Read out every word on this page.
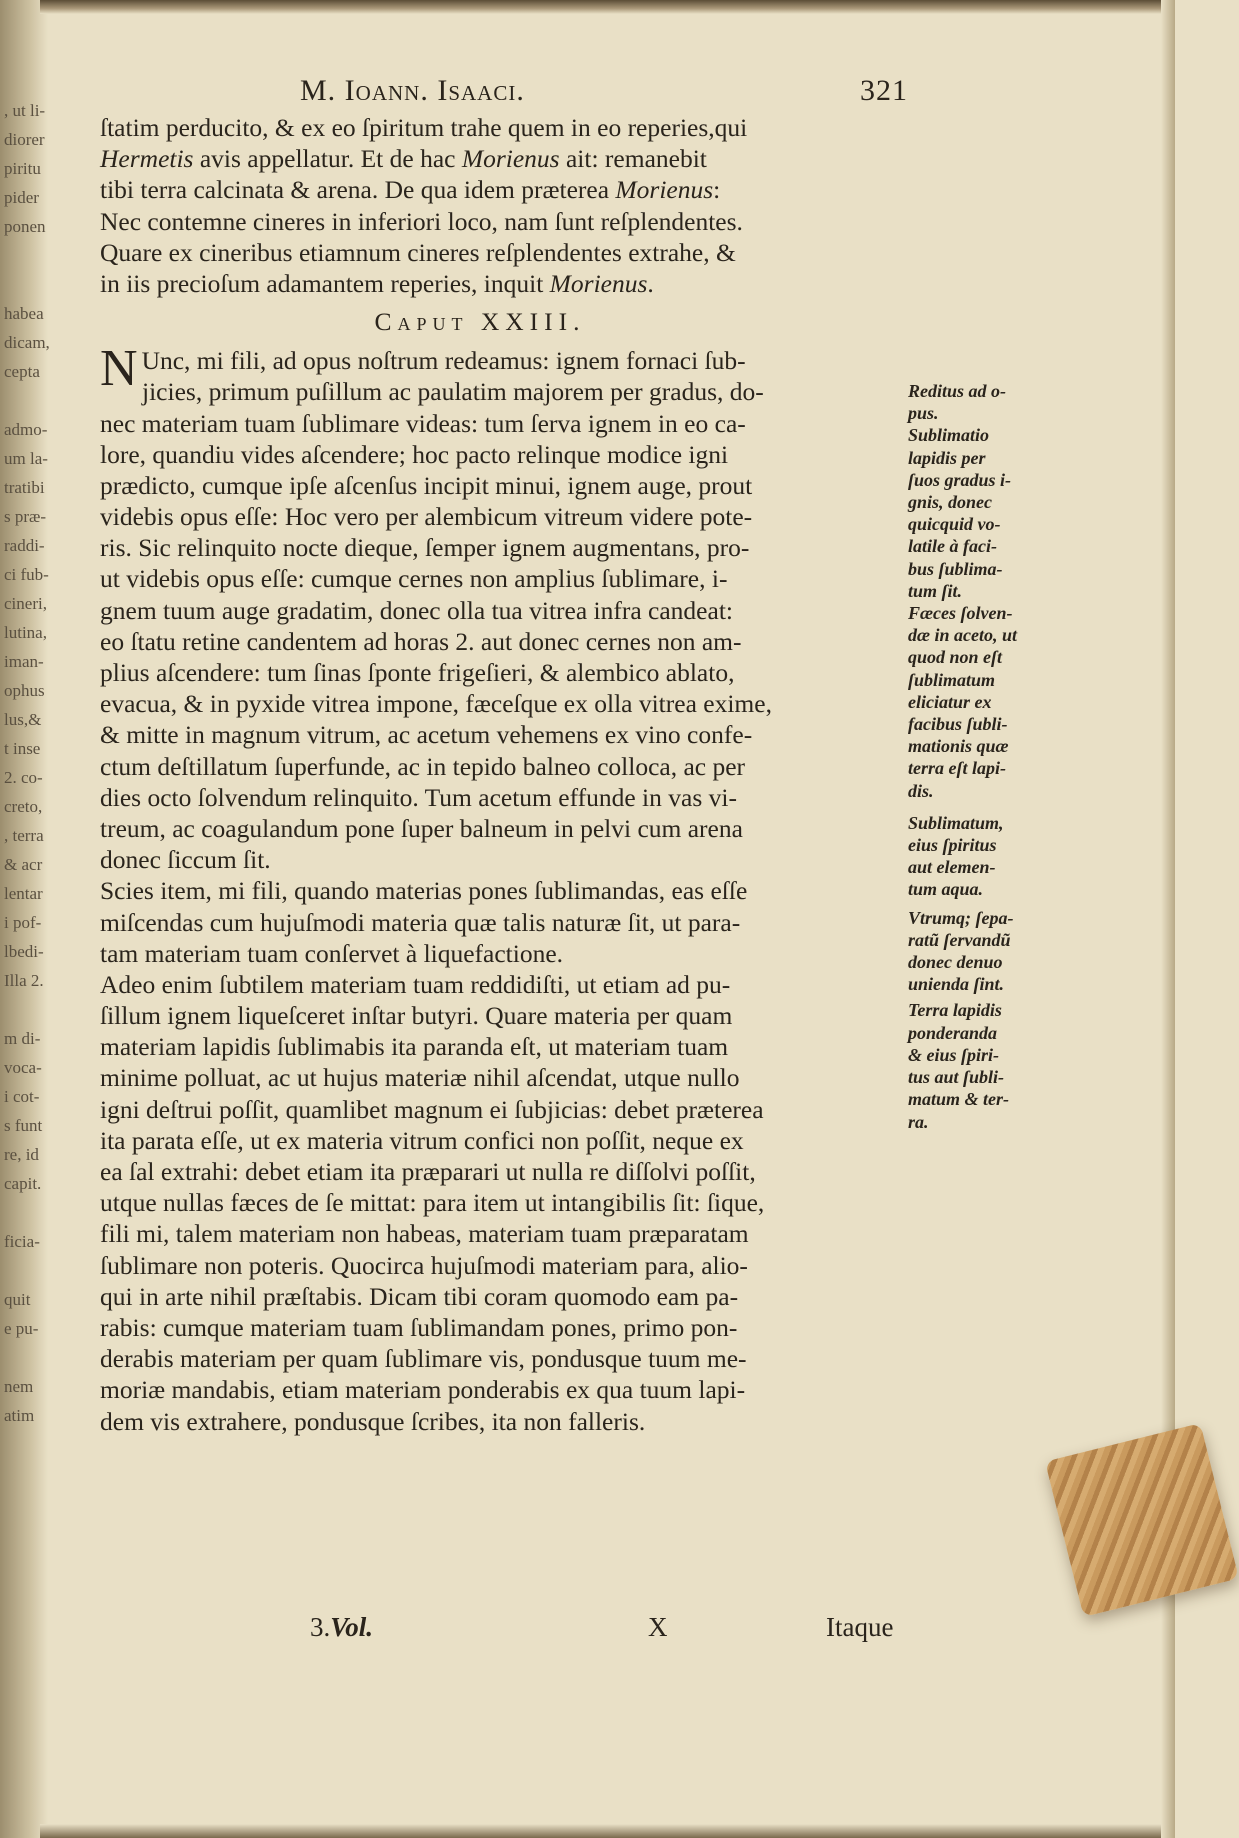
, ut li-
diorer
piritu
pider
ponen
habea
dicam,
cepta
admo-
um la-
tratibi
s præ-
raddi-
ci fub-
cineri,
lutina,
iman-
ophus
lus,&
t inse
2. co-
creto,
, terra
& acr
lentar
i pof-
lbedi-
Illa 2.
m di-
voca-
i cot-
s funt
re, id
capit.
ficia-
quit
e pu-
nem
atim
M. Ioann. Isaaci.	321
ſtatim perducito, & ex eo ſpiritum trahe quem in eo reperies,qui
Hermetis avis appellatur. Et de hac Morienus ait: remanebit
tibi terra calcinata & arena. De qua idem præterea Morienus:
Nec contemne cineres in inferiori loco, nam ſunt reſplendentes.
Quare ex cineribus etiamnum cineres reſplendentes extrahe, &
in iis precioſum adamantem reperies, inquit Morienus.
Caput XXIII.
N Unc, mi fili, ad opus noſtrum redeamus: ignem fornaci ſub-
jicies, primum puſillum ac paulatim majorem per gradus, do-
nec materiam tuam ſublimare videas: tum ſerva ignem in eo ca-
lore, quandiu vides aſcendere; hoc pacto relinque modice igni
prædicto, cumque ipſe aſcenſus incipit minui, ignem auge, prout
videbis opus eſſe: Hoc vero per alembicum vitreum videre pote-
ris. Sic relinquito nocte dieque, ſemper ignem augmentans, pro-
ut videbis opus eſſe: cumque cernes non amplius ſublimare, i-
gnem tuum auge gradatim, donec olla tua vitrea infra candeat:
eo ſtatu retine candentem ad horas 2. aut donec cernes non am-
plius aſcendere: tum ſinas ſponte frigeſieri, & alembico ablato,
evacua, & in pyxide vitrea impone, fæceſque ex olla vitrea exime,
& mitte in magnum vitrum, ac acetum vehemens ex vino confe-
ctum deſtillatum ſuperfunde, ac in tepido balneo colloca, ac per
dies octo ſolvendum relinquito. Tum acetum effunde in vas vi-
treum, ac coagulandum pone ſuper balneum in pelvi cum arena
donec ſiccum ſit.
Scies item, mi fili, quando materias pones ſublimandas, eas eſſe
miſcendas cum hujuſmodi materia quæ talis naturæ ſit, ut para-
tam materiam tuam conſervet à liquefactione.
Adeo enim ſubtilem materiam tuam reddidiſti, ut etiam ad pu-
ſillum ignem liqueſceret inſtar butyri. Quare materia per quam
materiam lapidis ſublimabis ita paranda eſt, ut materiam tuam
minime polluat, ac ut hujus materiæ nihil aſcendat, utque nullo
igni deſtrui poſſit, quamlibet magnum ei ſubjicias: debet præterea
ita parata eſſe, ut ex materia vitrum confici non poſſit, neque ex
ea ſal extrahi: debet etiam ita præparari ut nulla re diſſolvi poſſit,
utque nullas fæces de ſe mittat: para item ut intangibilis ſit: ſique,
fili mi, talem materiam non habeas, materiam tuam præparatam
ſublimare non poteris. Quocirca hujuſmodi materiam para, alio-
qui in arte nihil præſtabis. Dicam tibi coram quomodo eam pa-
rabis: cumque materiam tuam ſublimandam pones, primo pon-
derabis materiam per quam ſublimare vis, pondusque tuum me-
moriæ mandabis, etiam materiam ponderabis ex qua tuum lapi-
dem vis extrahere, pondusque ſcribes, ita non falleris.
Reditus ad o-
pus.
Sublimatio
lapidis per
ſuos gradus i-
gnis, donec
quicquid vo-
latile à faci-
bus ſublima-
tum ſit.
Fæces ſolven-
dæ in aceto, ut
quod non eſt
ſublimatum
eliciatur ex
facibus ſubli-
mationis quæ
terra eſt lapi-
dis.
Sublimatum,
eius ſpiritus
aut elemen-
tum aqua.
Vtrumq; ſepa-
ratũ ſervandũ
donec denuo
unienda ſint.
Terra lapidis
ponderanda
& eius ſpiri-
tus aut ſubli-
matum & ter-
ra.
3.Vol.	X	Itaque
